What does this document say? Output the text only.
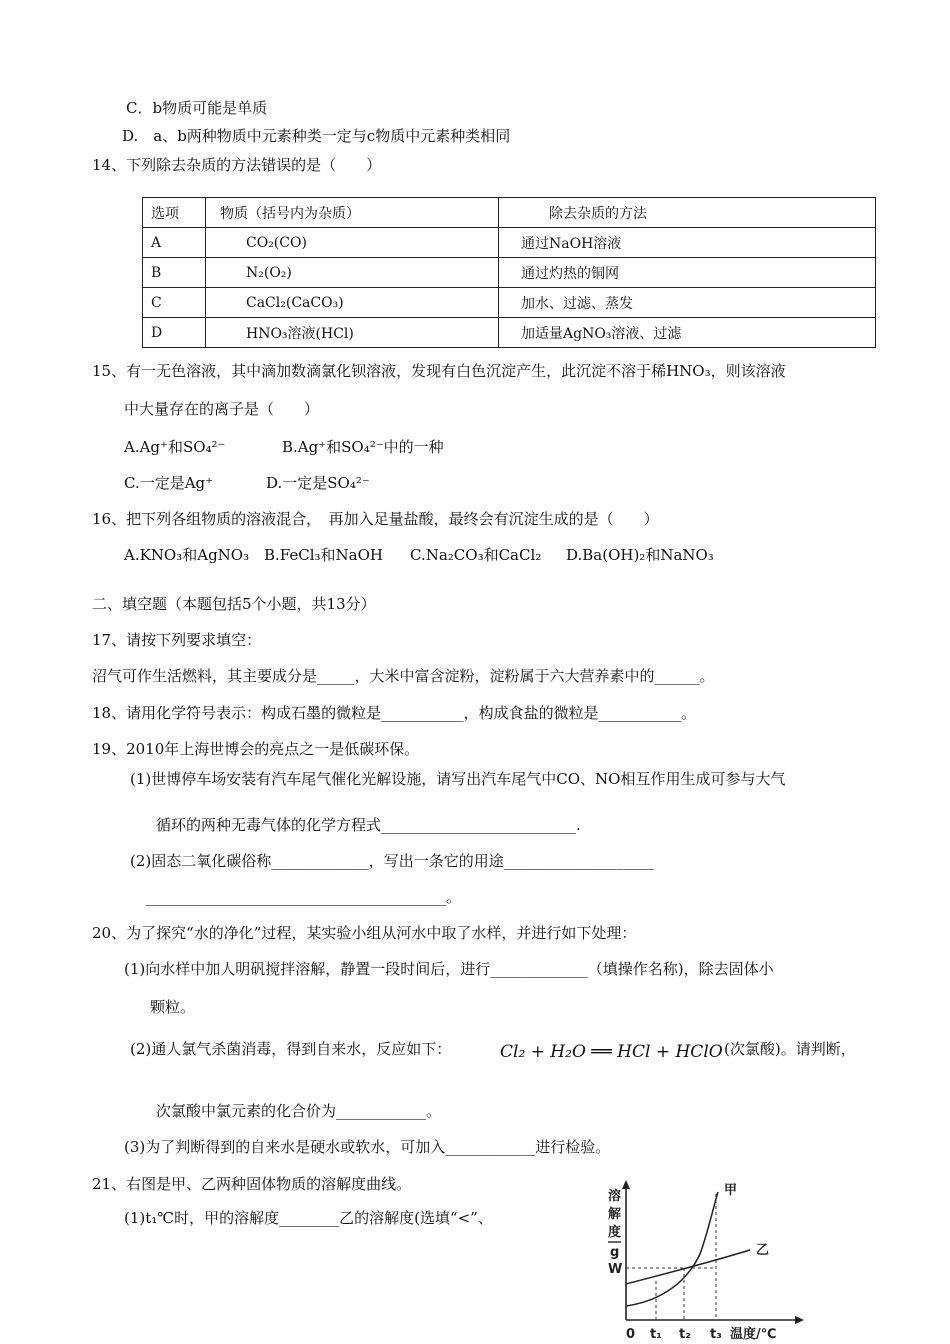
C．b物质可能是单质
D.　a、b两种物质中元素种类一定与c物质中元素种类相同
14、下列除去杂质的方法错误的是（　　）
选项	物质（括号内为杂质）	除去杂质的方法
A	CO₂(CO)	通过NaOH溶液
B	N₂(O₂)	通过灼热的铜网
C	CaCl₂(CaCO₃)	加水、过滤、蒸发
D	HNO₃溶液(HCl)	加适量AgNO₃溶液、过滤
15、有一无色溶液，其中滴加数滴氯化钡溶液，发现有白色沉淀产生，此沉淀不溶于稀HNO₃，则该溶液
中大量存在的离子是（　　）
A.Ag⁺和SO₄²⁻	B.Ag⁺和SO₄²⁻中的一种
C.一定是Ag⁺	D.一定是SO₄²⁻
16、把下列各组物质的溶液混合，　再加入足量盐酸，最终会有沉淀生成的是（　　）
A.KNO₃和AgNO₃ B.FeCl₃和NaOH C.Na₂CO₃和CaCl₂ D.Ba(OH)₂和NaNO₃
二、填空题（本题包括5个小题，共13分）
17、请按下列要求填空：
沼气可作生活燃料，其主要成分是_____，大米中富含淀粉，淀粉属于六大营养素中的______。
18、请用化学符号表示：构成石墨的微粒是___________，构成食盐的微粒是___________。
19、2010年上海世博会的亮点之一是低碳环保。
(1)世博停车场安装有汽车尾气催化光解设施，请写出汽车尾气中CO、NO相互作用生成可参与大气
循环的两种无毒气体的化学方程式__________________________.
(2)固态二氧化碳俗称_____________，写出一条它的用途____________________
________________________________________。
20、为了探究“水的净化”过程，某实验小组从河水中取了水样，并进行如下处理：
(1)向水样中加人明矾搅拌溶解，静置一段时间后，进行_____________（填操作名称)，除去固体小
颗粒。
(2)通人氯气杀菌消毒，得到自来水，反应如下：	Cl₂ + H₂O ══ HCl + HClO (次氯酸)。请判断，
次氯酸中氯元素的化合价为____________。
(3)为了判断得到的自来水是硬水或软水，可加入____________进行检验。
21、右图是甲、乙两种固体物质的溶解度曲线。
(1)t₁℃时，甲的溶解度________乙的溶解度(选填“<”、
溶
解
度
g
W
甲
乙
0 t₁ t₂ t₃ 温度/℃
